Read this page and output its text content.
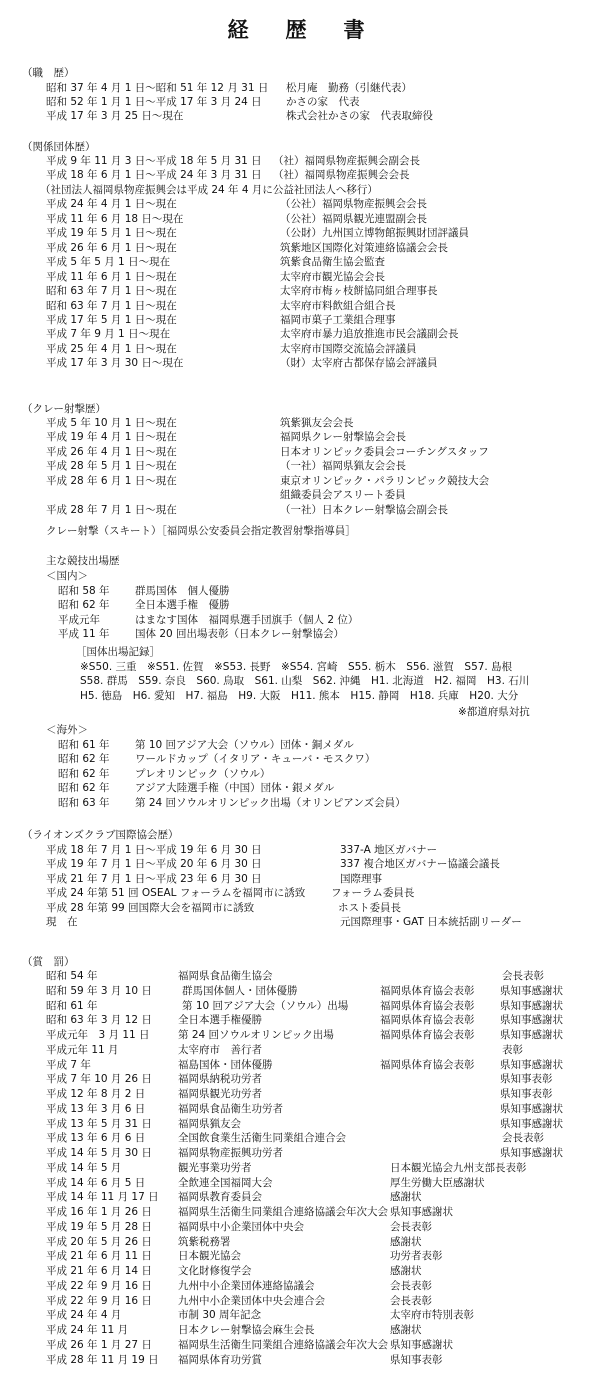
経　歴　書
（職　歴）
昭和 37 年 4 月 1 日〜昭和 51 年 12 月 31 日 松月庵　勤務（引継代表）
昭和 52 年 1 月 1 日〜平成 17 年 3 月 24 日 かさの家　代表
平成 17 年 3 月 25 日〜現在	株式会社かさの家　代表取締役
（関係団体歴）
平成 9 年 11 月 3 日〜平成 18 年 5 月 31 日 （社）福岡県物産振興会副会長
平成 18 年 6 月 1 日〜平成 24 年 3 月 31 日 （社）福岡県物産振興会会長
（社団法人福岡県物産振興会は平成 24 年 4 月に公益社団法人へ移行）
平成 24 年 4 月 1 日〜現在	（公社）福岡県物産振興会会長
平成 11 年 6 月 18 日〜現在	（公社）福岡県観光連盟副会長
平成 19 年 5 月 1 日〜現在	（公財）九州国立博物館振興財団評議員
平成 26 年 6 月 1 日〜現在	筑紫地区国際化対策連絡協議会会長
平成 5 年 5 月 1 日〜現在	筑紫食品衛生協会監査
平成 11 年 6 月 1 日〜現在	太宰府市観光協会会長
昭和 63 年 7 月 1 日〜現在	太宰府市梅ヶ枝餅協同組合理事長
昭和 63 年 7 月 1 日〜現在	太宰府市料飲組合組合長
平成 17 年 5 月 1 日〜現在	福岡市菓子工業組合理事
平成 7 年 9 月 1 日〜現在	太宰府市暴力追放推進市民会議副会長
平成 25 年 4 月 1 日〜現在	太宰府市国際交流協会評議員
平成 17 年 3 月 30 日〜現在	（財）太宰府古都保存協会評議員
（クレー射撃歴）
平成 5 年 10 月 1 日〜現在	筑紫猟友会会長
平成 19 年 4 月 1 日〜現在	福岡県クレー射撃協会会長
平成 26 年 4 月 1 日〜現在	日本オリンピック委員会コーチングスタッフ
平成 28 年 5 月 1 日〜現在	（一社）福岡県猟友会会長
平成 28 年 6 月 1 日〜現在	東京オリンピック・パラリンピック競技大会
組織委員会アスリート委員
平成 28 年 7 月 1 日〜現在	（一社）日本クレー射撃協会副会長
クレー射撃（スキート）［福岡県公安委員会指定教習射撃指導員］
主な競技出場歴
＜国内＞
昭和 58 年 群馬国体　個人優勝
昭和 62 年 全日本選手権　優勝
平成元年	はまなす国体　福岡県選手団旗手（個人 2 位）
平成 11 年 国体 20 回出場表彰（日本クレー射撃協会）
［国体出場記録］
※S50. 三重　※S51. 佐賀　※S53. 長野　※S54. 宮崎　S55. 栃木　S56. 滋賀　S57. 島根
S58. 群馬　S59. 奈良　S60. 鳥取　S61. 山梨　S62. 沖縄　H1. 北海道　H2. 福岡　H3. 石川
H5. 徳島　H6. 愛知　H7. 福島　H9. 大阪　H11. 熊本　H15. 静岡　H18. 兵庫　H20. 大分
※都道府県対抗
＜海外＞
昭和 61 年 第 10 回アジア大会（ソウル）団体・銅メダル
昭和 62 年 ワールドカップ（イタリア・キューバ・モスクワ）
昭和 62 年 プレオリンピック（ソウル）
昭和 62 年 アジア大陸選手権（中国）団体・銀メダル
昭和 63 年 第 24 回ソウルオリンピック出場（オリンピアンズ会員）
（ライオンズクラブ国際協会歴）
平成 18 年 7 月 1 日〜平成 19 年 6 月 30 日	337-A 地区ガバナー
平成 19 年 7 月 1 日〜平成 20 年 6 月 30 日	337 複合地区ガバナー協議会議長
平成 21 年 7 月 1 日〜平成 23 年 6 月 30 日	国際理事
平成 24 年第 51 回 OSEAL フォーラムを福岡市に誘致 フォーラム委員長
平成 28 年第 99 回国際大会を福岡市に誘致	ホスト委員長
現　在	元国際理事・GAT 日本統括副リーダー
（賞　罰）
昭和 54 年	福岡県食品衛生協会	会長表彰
昭和 59 年 3 月 10 日	群馬国体個人・団体優勝	福岡県体育協会表彰 県知事感謝状
昭和 61 年	第 10 回アジア大会（ソウル）出場	福岡県体育協会表彰 県知事感謝状
昭和 63 年 3 月 12 日 全日本選手権優勝	福岡県体育協会表彰 県知事感謝状
平成元年　3 月 11 日	第 24 回ソウルオリンピック出場	福岡県体育協会表彰 県知事感謝状
平成元年 11 月	太宰府市　善行者	表彰
平成 7 年	福島国体・団体優勝	福岡県体育協会表彰 県知事感謝状
平成 7 年 10 月 26 日 福岡県納税功労者	県知事表彰
平成 12 年 8 月 2 日	福岡県観光功労者	県知事表彰
平成 13 年 3 月 6 日	福岡県食品衛生功労者	県知事感謝状
平成 13 年 5 月 31 日 福岡県猟友会	県知事感謝状
平成 13 年 6 月 6 日	全国飲食業生活衛生同業組合連合会	会長表彰
平成 14 年 5 月 30 日 福岡県物産振興功労者	県知事感謝状
平成 14 年 5 月	観光事業功労者	日本観光協会九州支部長表彰
平成 14 年 6 月 5 日	全飲連全国福岡大会	厚生労働大臣感謝状
平成 14 年 11 月 17 日 福岡県教育委員会	感謝状
平成 16 年 1 月 26 日 福岡県生活衛生同業組合連絡協議会年次大会 県知事感謝状
平成 19 年 5 月 28 日 福岡県中小企業団体中央会	会長表彰
平成 20 年 5 月 26 日 筑紫税務署	感謝状
平成 21 年 6 月 11 日 日本観光協会	功労者表彰
平成 21 年 6 月 14 日 文化財修復学会	感謝状
平成 22 年 9 月 16 日 九州中小企業団体連絡協議会	会長表彰
平成 22 年 9 月 16 日 九州中小企業団体中央会連合会	会長表彰
平成 24 年 4 月	市制 30 周年記念	太宰府市特別表彰
平成 24 年 11 月	日本クレー射撃協会麻生会長	感謝状
平成 26 年 1 月 27 日 福岡県生活衛生同業組合連絡協議会年次大会 県知事感謝状
平成 28 年 11 月 19 日 福岡県体育功労賞	県知事表彰
